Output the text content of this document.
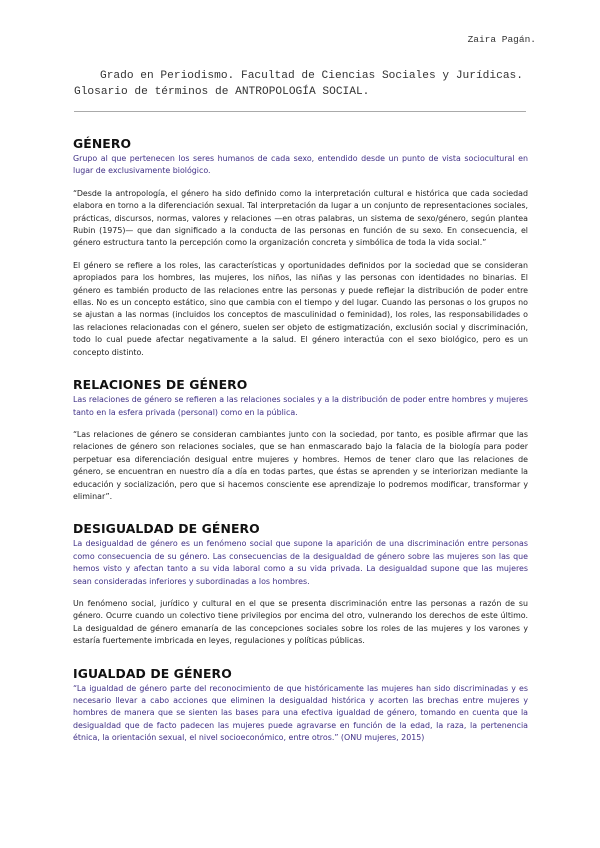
Zaira Pagán.
Grado en Periodismo. Facultad de Ciencias Sociales y Jurídicas.
Glosario de términos de ANTROPOLOGÍA SOCIAL.
GÉNERO

Grupo al que pertenecen los seres humanos de cada sexo, entendido desde un punto de vista sociocultural en lugar de exclusivamente biológico.

“Desde la antropología, el género ha sido definido como la interpretación cultural e histórica que cada sociedad elabora en torno a la diferenciación sexual. Tal interpretación da lugar a un conjunto de representaciones sociales, prácticas, discursos, normas, valores y relaciones —en otras palabras, un sistema de sexo/género, según plantea Rubin (1975)— que dan significado a la conducta de las personas en función de su sexo. En consecuencia, el género estructura tanto la percepción como la organización concreta y simbólica de toda la vida social.”

El género se refiere a los roles, las características y oportunidades definidos por la sociedad que se consideran apropiados para los hombres, las mujeres, los niños, las niñas y las personas con identidades no binarias. El género es también producto de las relaciones entre las personas y puede reflejar la distribución de poder entre ellas. No es un concepto estático, sino que cambia con el tiempo y del lugar. Cuando las personas o los grupos no se ajustan a las normas (incluidos los conceptos de masculinidad o feminidad), los roles, las responsabilidades o las relaciones relacionadas con el género, suelen ser objeto de estigmatización, exclusión social y discriminación, todo lo cual puede afectar negativamente a la salud. El género interactúa con el sexo biológico, pero es un concepto distinto.

RELACIONES DE GÉNERO

Las relaciones de género se refieren a las relaciones sociales y a la distribución de poder entre hombres y mujeres tanto en la esfera privada (personal) como en la pública.

“Las relaciones de género se consideran cambiantes junto con la sociedad, por tanto, es posible afirmar que las relaciones de género son relaciones sociales, que se han enmascarado bajo la falacia de la biología para poder perpetuar esa diferenciación desigual entre mujeres y hombres. Hemos de tener claro que las relaciones de género, se encuentran en nuestro día a día en todas partes, que éstas se aprenden y se interiorizan mediante la educación y socialización, pero que si hacemos consciente ese aprendizaje lo podremos modificar, transformar y eliminar”.

DESIGUALDAD DE GÉNERO

La desigualdad de género es un fenómeno social que supone la aparición de una discriminación entre personas como consecuencia de su género. Las consecuencias de la desigualdad de género sobre las mujeres son las que hemos visto y afectan tanto a su vida laboral como a su vida privada. La desigualdad supone que las mujeres sean consideradas inferiores y subordinadas a los hombres.

Un fenómeno social, jurídico y cultural en el que se presenta discriminación entre las personas a razón de su género. Ocurre cuando un colectivo tiene privilegios por encima del otro, vulnerando los derechos de este último. La desigualdad de género emanaría de las concepciones sociales sobre los roles de las mujeres y los varones y estaría fuertemente imbricada en leyes, regulaciones y políticas públicas.

IGUALDAD DE GÉNERO

“La igualdad de género parte del reconocimiento de que históricamente las mujeres han sido discriminadas y es necesario llevar a cabo acciones que eliminen la desigualdad histórica y acorten las brechas entre mujeres y hombres de manera que se sienten las bases para una efectiva igualdad de género, tomando en cuenta que la desigualdad que de facto padecen las mujeres puede agravarse en función de la edad, la raza, la pertenencia étnica, la orientación sexual, el nivel socioeconómico, entre otros.” (ONU mujeres, 2015)
